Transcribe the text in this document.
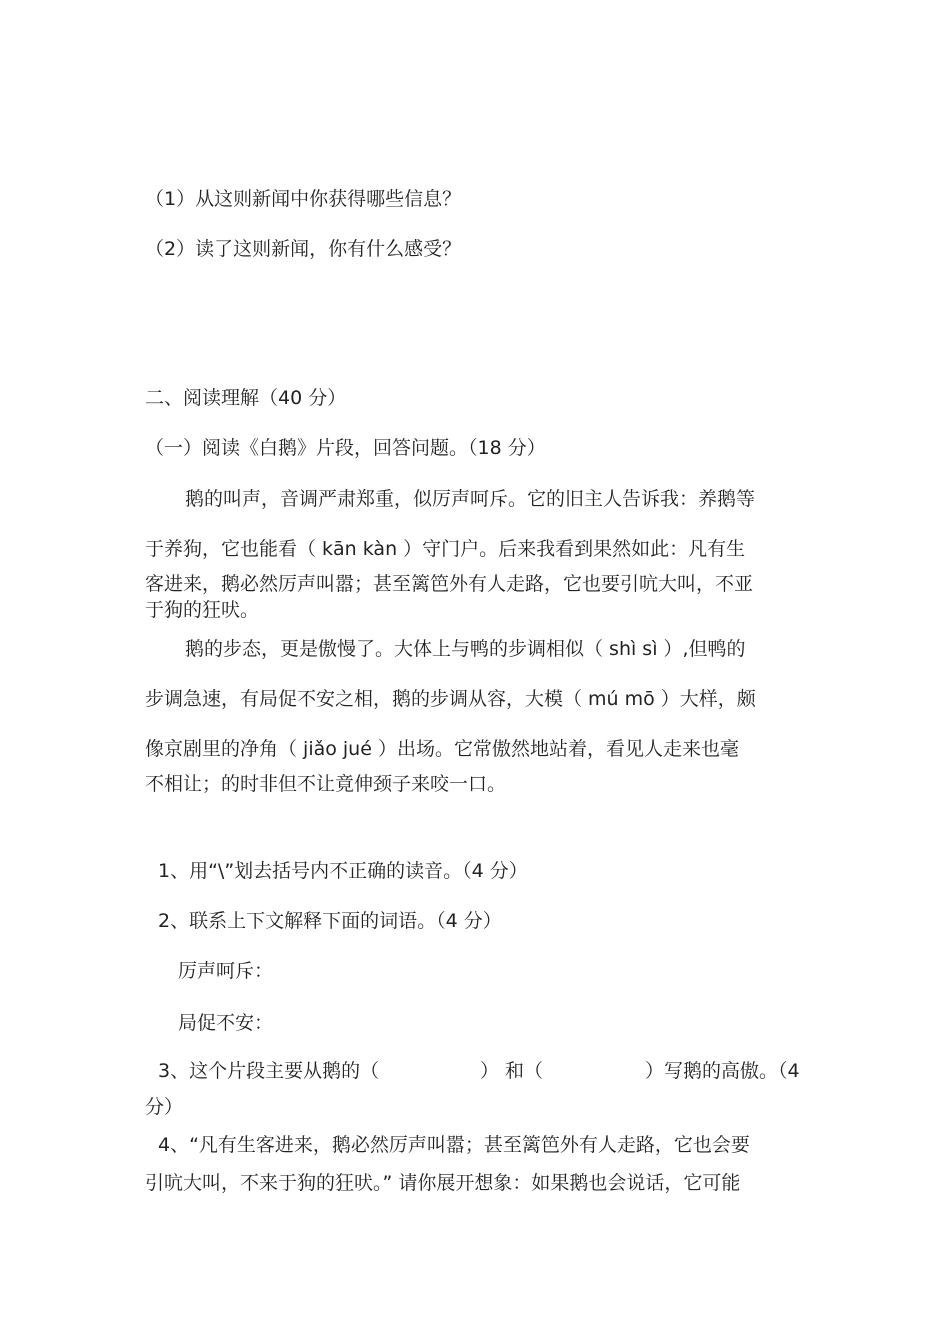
（1）从这则新闻中你获得哪些信息？
（2）读了这则新闻，你有什么感受？
二、阅读理解（40 分）
（一）阅读《白鹅》片段，回答问题。（18 分）
鹅的叫声，音调严肃郑重，似厉声呵斥。它的旧主人告诉我：养鹅等
于养狗，它也能看（ kān kàn ）守门户。后来我看到果然如此：凡有生
客进来，鹅必然厉声叫嚣；甚至篱笆外有人走路，它也要引吭大叫，不亚
于狗的狂吠。
鹅的步态，更是傲慢了。大体上与鸭的步调相似（ shì sì ）,但鸭的
步调急速，有局促不安之相，鹅的步调从容，大模（ mú mō ）大样，颇
像京剧里的净角（ jiǎo jué ）出场。它常傲然地站着，看见人走来也毫
不相让；的时非但不让竟伸颈子来咬一口。
1、用“\”划去括号内不正确的读音。（4 分）
2、联系上下文解释下面的词语。（4 分）
厉声呵斥：
局促不安：
3、这个片段主要从鹅的（	） 和（	）写鹅的高傲。（4
分）
4、“凡有生客进来，鹅必然厉声叫嚣；甚至篱笆外有人走路，它也会要
引吭大叫，不来于狗的狂吠。” 请你展开想象：如果鹅也会说话，它可能
